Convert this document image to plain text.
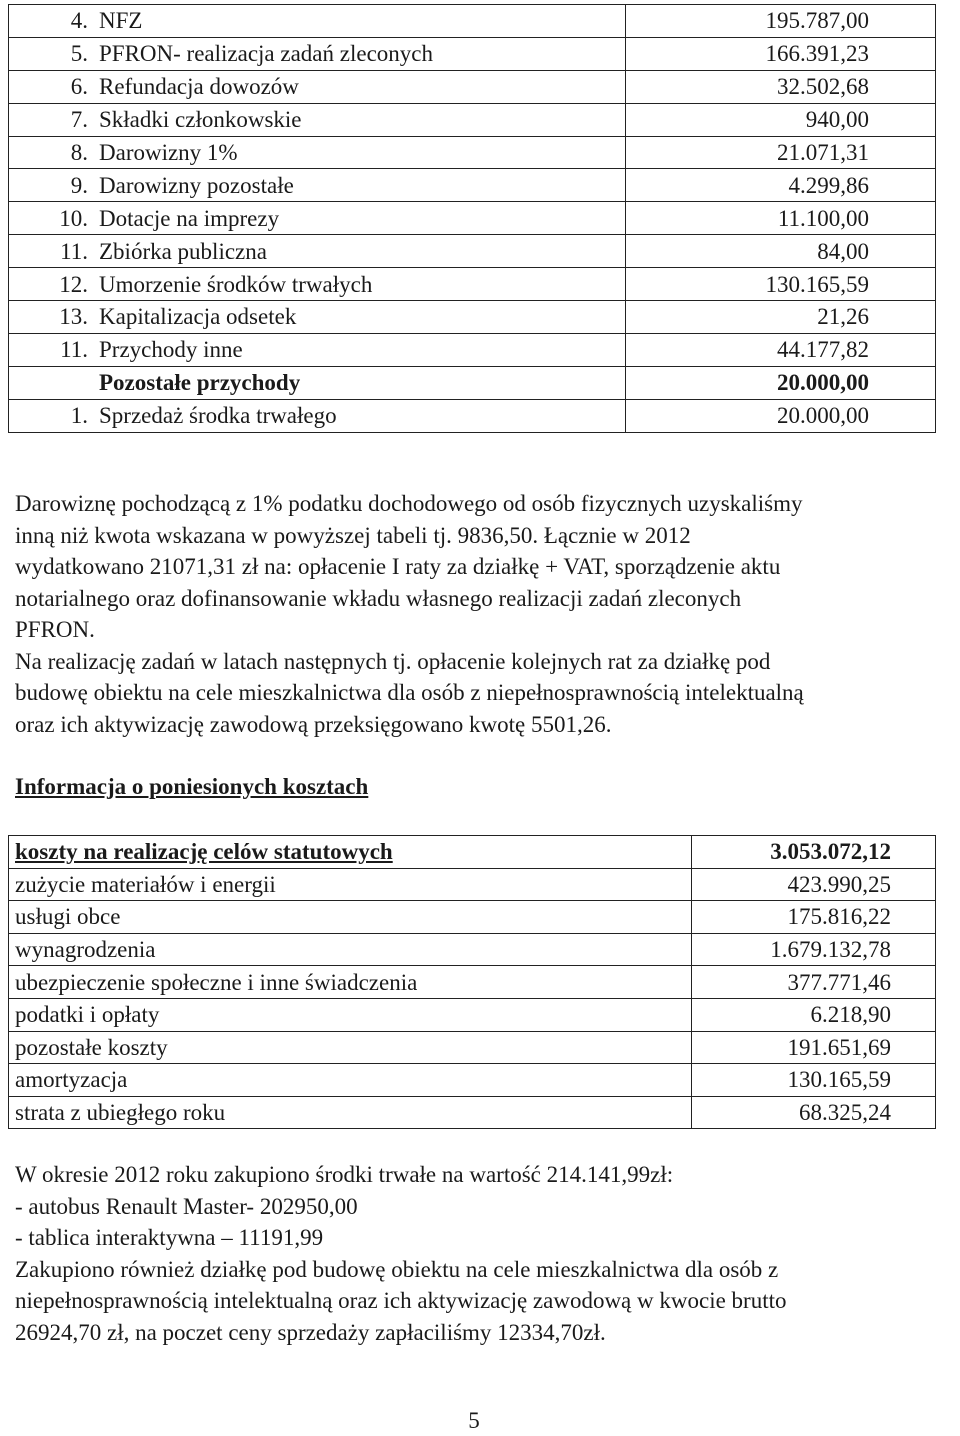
4.	NFZ	195.787,00
5.	PFRON- realizacja zadań zleconych	166.391,23
6.	Refundacja dowozów	32.502,68
7.	Składki członkowskie	940,00
8.	Darowizny 1%	21.071,31
9.	Darowizny pozostałe	4.299,86
10.	Dotacje na imprezy	11.100,00
11.	Zbiórka publiczna	84,00
12.	Umorzenie środków trwałych	130.165,59
13.	Kapitalizacja odsetek	21,26
11.	Przychody inne	44.177,82
	Pozostałe przychody	20.000,00
1.	Sprzedaż środka trwałego	20.000,00

Darowiznę pochodzącą z 1% podatku dochodowego od osób fizycznych uzyskaliśmy
inną niż kwota wskazana w powyższej tabeli tj. 9836,50. Łącznie w 2012
wydatkowano 21071,31 zł na: opłacenie I raty za działkę + VAT, sporządzenie aktu
notarialnego oraz dofinansowanie wkładu własnego realizacji zadań zleconych
PFRON.
Na realizację zadań w latach następnych tj. opłacenie kolejnych rat za działkę pod
budowę obiektu na cele mieszkalnictwa dla osób z niepełnosprawnością intelektualną
oraz ich aktywizację zawodową przeksięgowano kwotę 5501,26.

Informacja o poniesionych kosztach
koszty na realizację celów statutowych	3.053.072,12
zużycie materiałów i energii	423.990,25
usługi obce	175.816,22
wynagrodzenia	1.679.132,78
ubezpieczenie społeczne i inne świadczenia	377.771,46
podatki i opłaty	6.218,90
pozostałe koszty	191.651,69
amortyzacja	130.165,59
strata z ubiegłego roku	68.325,24

W okresie 2012 roku zakupiono środki trwałe na wartość 214.141,99zł:
- autobus Renault Master- 202950,00
- tablica interaktywna – 11191,99
Zakupiono również działkę pod budowę obiektu na cele mieszkalnictwa dla osób z
niepełnosprawnością intelektualną oraz ich aktywizację zawodową w kwocie brutto
26924,70 zł, na poczet ceny sprzedaży zapłaciliśmy 12334,70zł.

5
